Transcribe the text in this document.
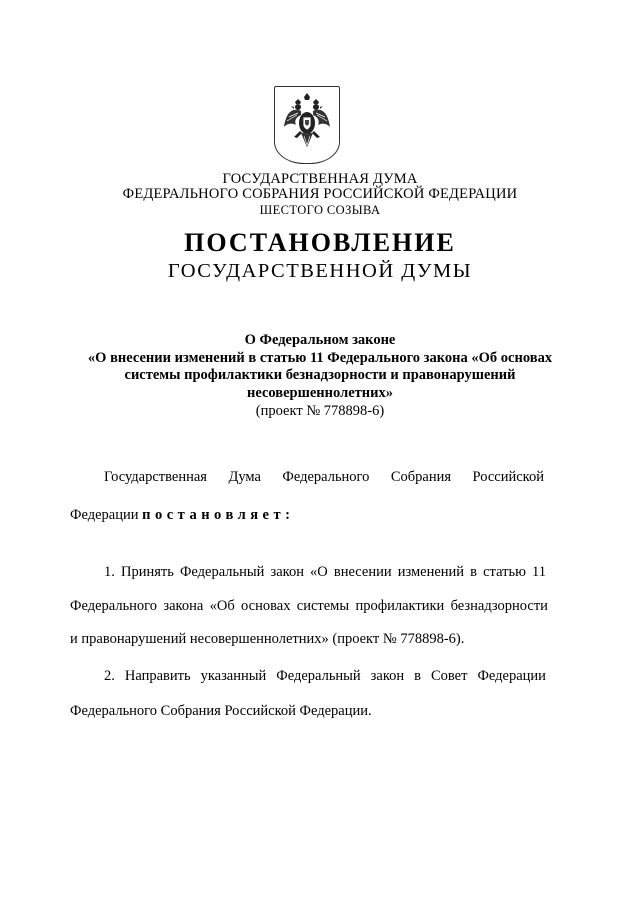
ГОСУДАРСТВЕННАЯ ДУМА
ФЕДЕРАЛЬНОГО СОБРАНИЯ РОССИЙСКОЙ ФЕДЕРАЦИИ
ШЕСТОГО СОЗЫВА
ПОСТАНОВЛЕНИЕ
ГОСУДАРСТВЕННОЙ ДУМЫ
О Федеральном законе
«О внесении изменений в статью 11 Федерального закона «Об основах
системы профилактики безнадзорности и правонарушений
несовершеннолетних»
(проект № 778898-6)
Государственная Дума Федерального Собрания Российской
Федерации постановляет:
1. Принять Федеральный закон «О внесении изменений в статью 11
Федерального закона «Об основах системы профилактики безнадзорности
и правонарушений несовершеннолетних» (проект № 778898-6).
2. Направить указанный Федеральный закон в Совет Федерации
Федерального Собрания Российской Федерации.
